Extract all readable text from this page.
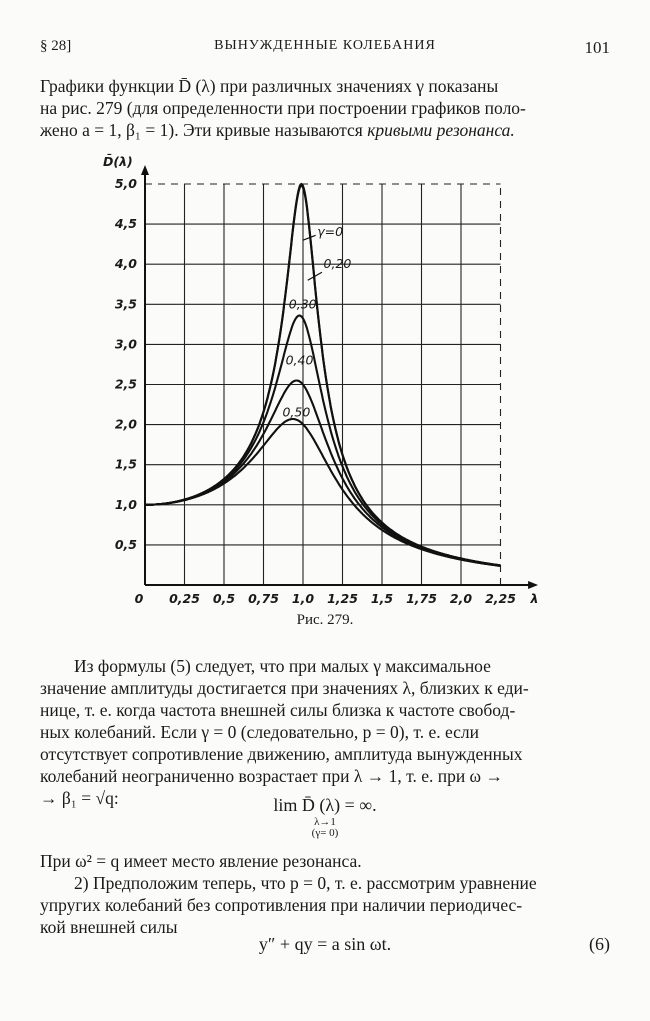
§ 28]	ВЫНУЖДЕННЫЕ КОЛЕБАНИЯ	101
Графики функции D̄ (λ) при различных значениях γ показаны
на рис. 279 (для определенности при построении графиков поло-
жено a = 1, β₁ = 1). Эти кривые называются кривыми резонанса.
0 0,25 0,5 0,75 1,0 1,25 1,5 1,75 2,0 2,25
0,5
1,0
1,5
2,0
2,5
3,0
3,5
4,0
4,5
5,0
γ=0
0,20
0,30
0,40
0,50
D̄(λ)
λ
Рис. 279.
Из формулы (5) следует, что при малых γ максимальное
значение амплитуды достигается при значениях λ, близких к еди-
нице, т. е. когда частота внешней силы близка к частоте свобод-
ных колебаний. Если γ = 0 (следовательно, p = 0), т. е. если
отсутствует сопротивление движению, амплитуда вынужденных
колебаний неограниченно возрастает при λ → 1, т. е. при ω →
→ β₁ = √q:	lim D̄ (λ) = ∞.
λ→1
(γ= 0)
При ω² = q имеет место явление резонанса.
2) Предположим теперь, что p = 0, т. е. рассмотрим уравнение
упругих колебаний без сопротивления при наличии периодичес-
кой внешней силы
y″ + qy = a sin ωt.	(6)
